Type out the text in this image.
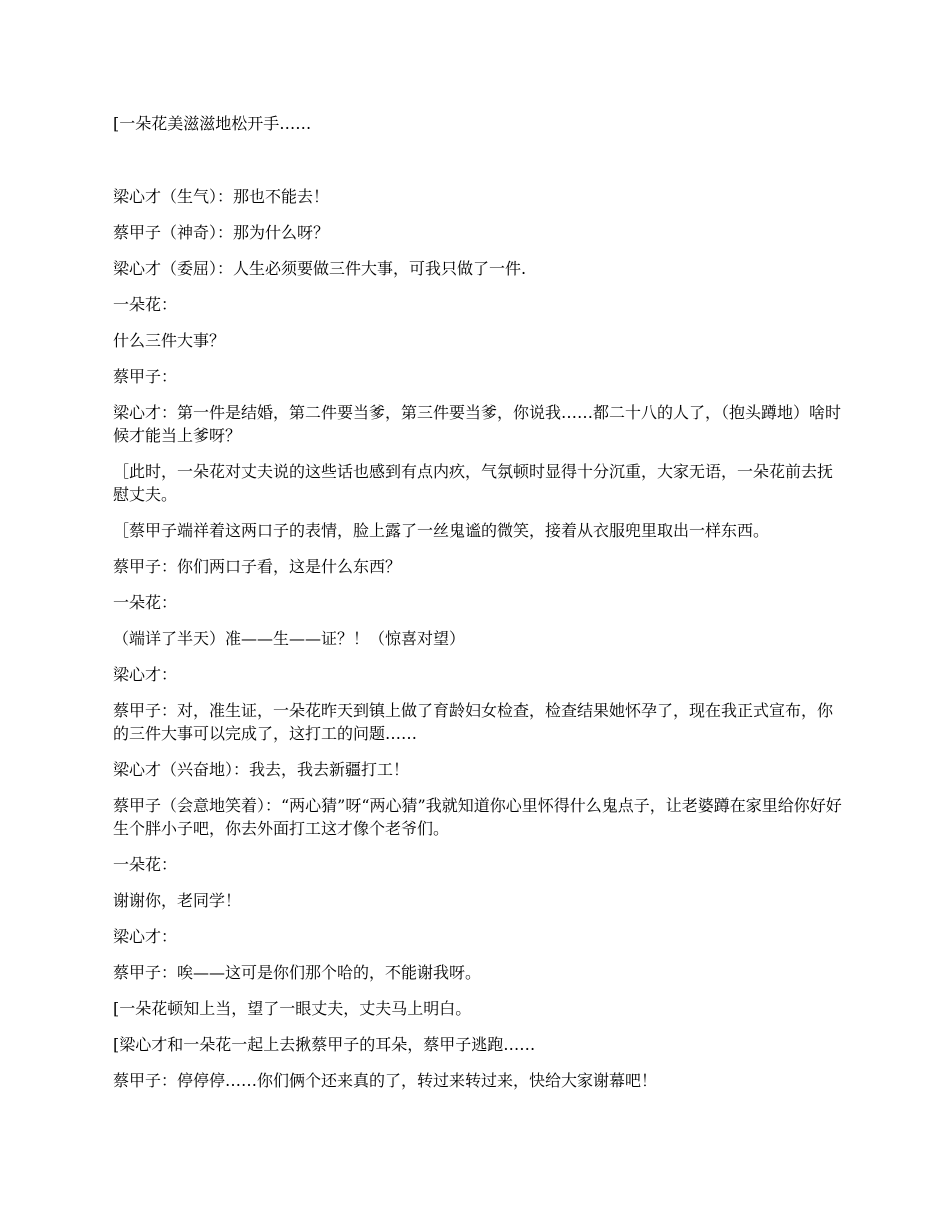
[一朵花美滋滋地松开手……

梁心才（生气）：那也不能去！

蔡甲子（神奇）：那为什么呀？

梁心才（委屈）：人生必须要做三件大事，可我只做了一件.

一朵花：

什么三件大事？

蔡甲子：

梁心才：第一件是结婚，第二件要当爹，第三件要当爹，你说我……都二十八的人了，（抱头蹲地）啥时候才能当上爹呀？

［此时，一朵花对丈夫说的这些话也感到有点内疚，气氛顿时显得十分沉重，大家无语，一朵花前去抚慰丈夫。

［蔡甲子端祥着这两口子的表情，脸上露了一丝鬼谧的微笑，接着从衣服兜里取出一样东西。

蔡甲子：你们两口子看，这是什么东西？

一朵花：

（端详了半天）准——生——证？！（惊喜对望）

梁心才：

蔡甲子：对，准生证，一朵花昨天到镇上做了育龄妇女检查，检查结果她怀孕了，现在我正式宣布，你的三件大事可以完成了，这打工的问题……

梁心才（兴奋地）：我去，我去新疆打工！

蔡甲子（会意地笑着）：“两心猜”呀“两心猜”我就知道你心里怀得什么鬼点子，让老婆蹲在家里给你好好生个胖小子吧，你去外面打工这才像个老爷们。

一朵花：

谢谢你，老同学！

梁心才：

蔡甲子：唉——这可是你们那个哈的，不能谢我呀。

[一朵花顿知上当，望了一眼丈夫，丈夫马上明白。

[梁心才和一朵花一起上去揪蔡甲子的耳朵，蔡甲子逃跑……

蔡甲子：停停停……你们俩个还来真的了，转过来转过来，快给大家谢幕吧！
